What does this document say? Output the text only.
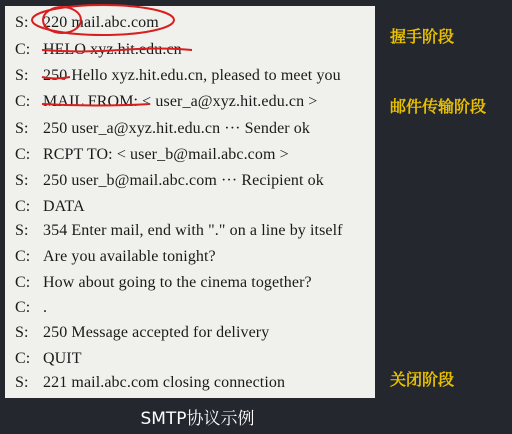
S: 220 mail.abc.com
C: HELO xyz.hit.edu.cn
S: 250 Hello xyz.hit.edu.cn, pleased to meet you
C: MAIL FROM: < user_a@xyz.hit.edu.cn >
S: 250 user_a@xyz.hit.edu.cn ··· Sender ok
C: RCPT TO: < user_b@mail.abc.com >
S: 250 user_b@mail.abc.com ··· Recipient ok
C: DATA
S: 354 Enter mail, end with "." on a line by itself
C: Are you available tonight?
C: How about going to the cinema together?
C: .
S: 250 Message accepted for delivery
C: QUIT
S: 221 mail.abc.com closing connection
握手阶段
邮件传输阶段
关闭阶段
SMTP协议示例
